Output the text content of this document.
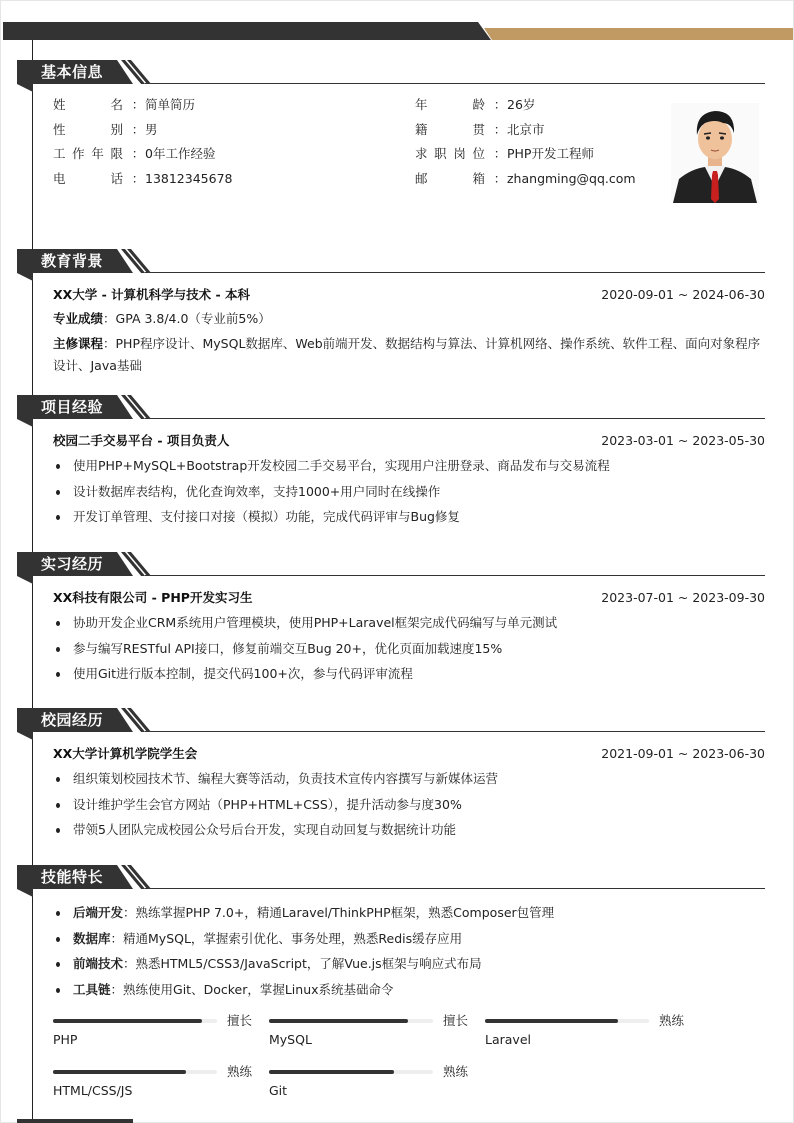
基本信息
姓名 ：简单简历
性别 ：男
工作年限 ：0年工作经验
电话 ：13812345678
年龄 ：26岁
籍贯 ：北京市
求职岗位 ：PHP开发工程师
邮箱 ：zhangming@qq.com
教育背景
XX大学 - 计算机科学与技术 - 本科	2020-09-01 ~ 2024-06-30
专业成绩：GPA 3.8/4.0（专业前5%）
主修课程：PHP程序设计、MySQL数据库、Web前端开发、数据结构与算法、计算机网络、操作系统、软件工程、面向对象程序设计、Java基础
项目经验
校园二手交易平台 - 项目负责人	2023-03-01 ~ 2023-05-30
使用PHP+MySQL+Bootstrap开发校园二手交易平台，实现用户注册登录、商品发布与交易流程
设计数据库表结构，优化查询效率，支持1000+用户同时在线操作
开发订单管理、支付接口对接（模拟）功能，完成代码评审与Bug修复
实习经历
XX科技有限公司 - PHP开发实习生	2023-07-01 ~ 2023-09-30
协助开发企业CRM系统用户管理模块，使用PHP+Laravel框架完成代码编写与单元测试
参与编写RESTful API接口，修复前端交互Bug 20+，优化页面加载速度15%
使用Git进行版本控制，提交代码100+次，参与代码评审流程
校园经历
XX大学计算机学院学生会	2021-09-01 ~ 2023-06-30
组织策划校园技术节、编程大赛等活动，负责技术宣传内容撰写与新媒体运营
设计维护学生会官方网站（PHP+HTML+CSS），提升活动参与度30%
带领5人团队完成校园公众号后台开发，实现自动回复与数据统计功能
技能特长
后端开发：熟练掌握PHP 7.0+，精通Laravel/ThinkPHP框架，熟悉Composer包管理
数据库：精通MySQL，掌握索引优化、事务处理，熟悉Redis缓存应用
前端技术：熟悉HTML5/CSS3/JavaScript，了解Vue.js框架与响应式布局
工具链：熟练使用Git、Docker，掌握Linux系统基础命令
擅长
PHP
擅长
MySQL
熟练
Laravel
熟练
HTML/CSS/JS
熟练
Git
